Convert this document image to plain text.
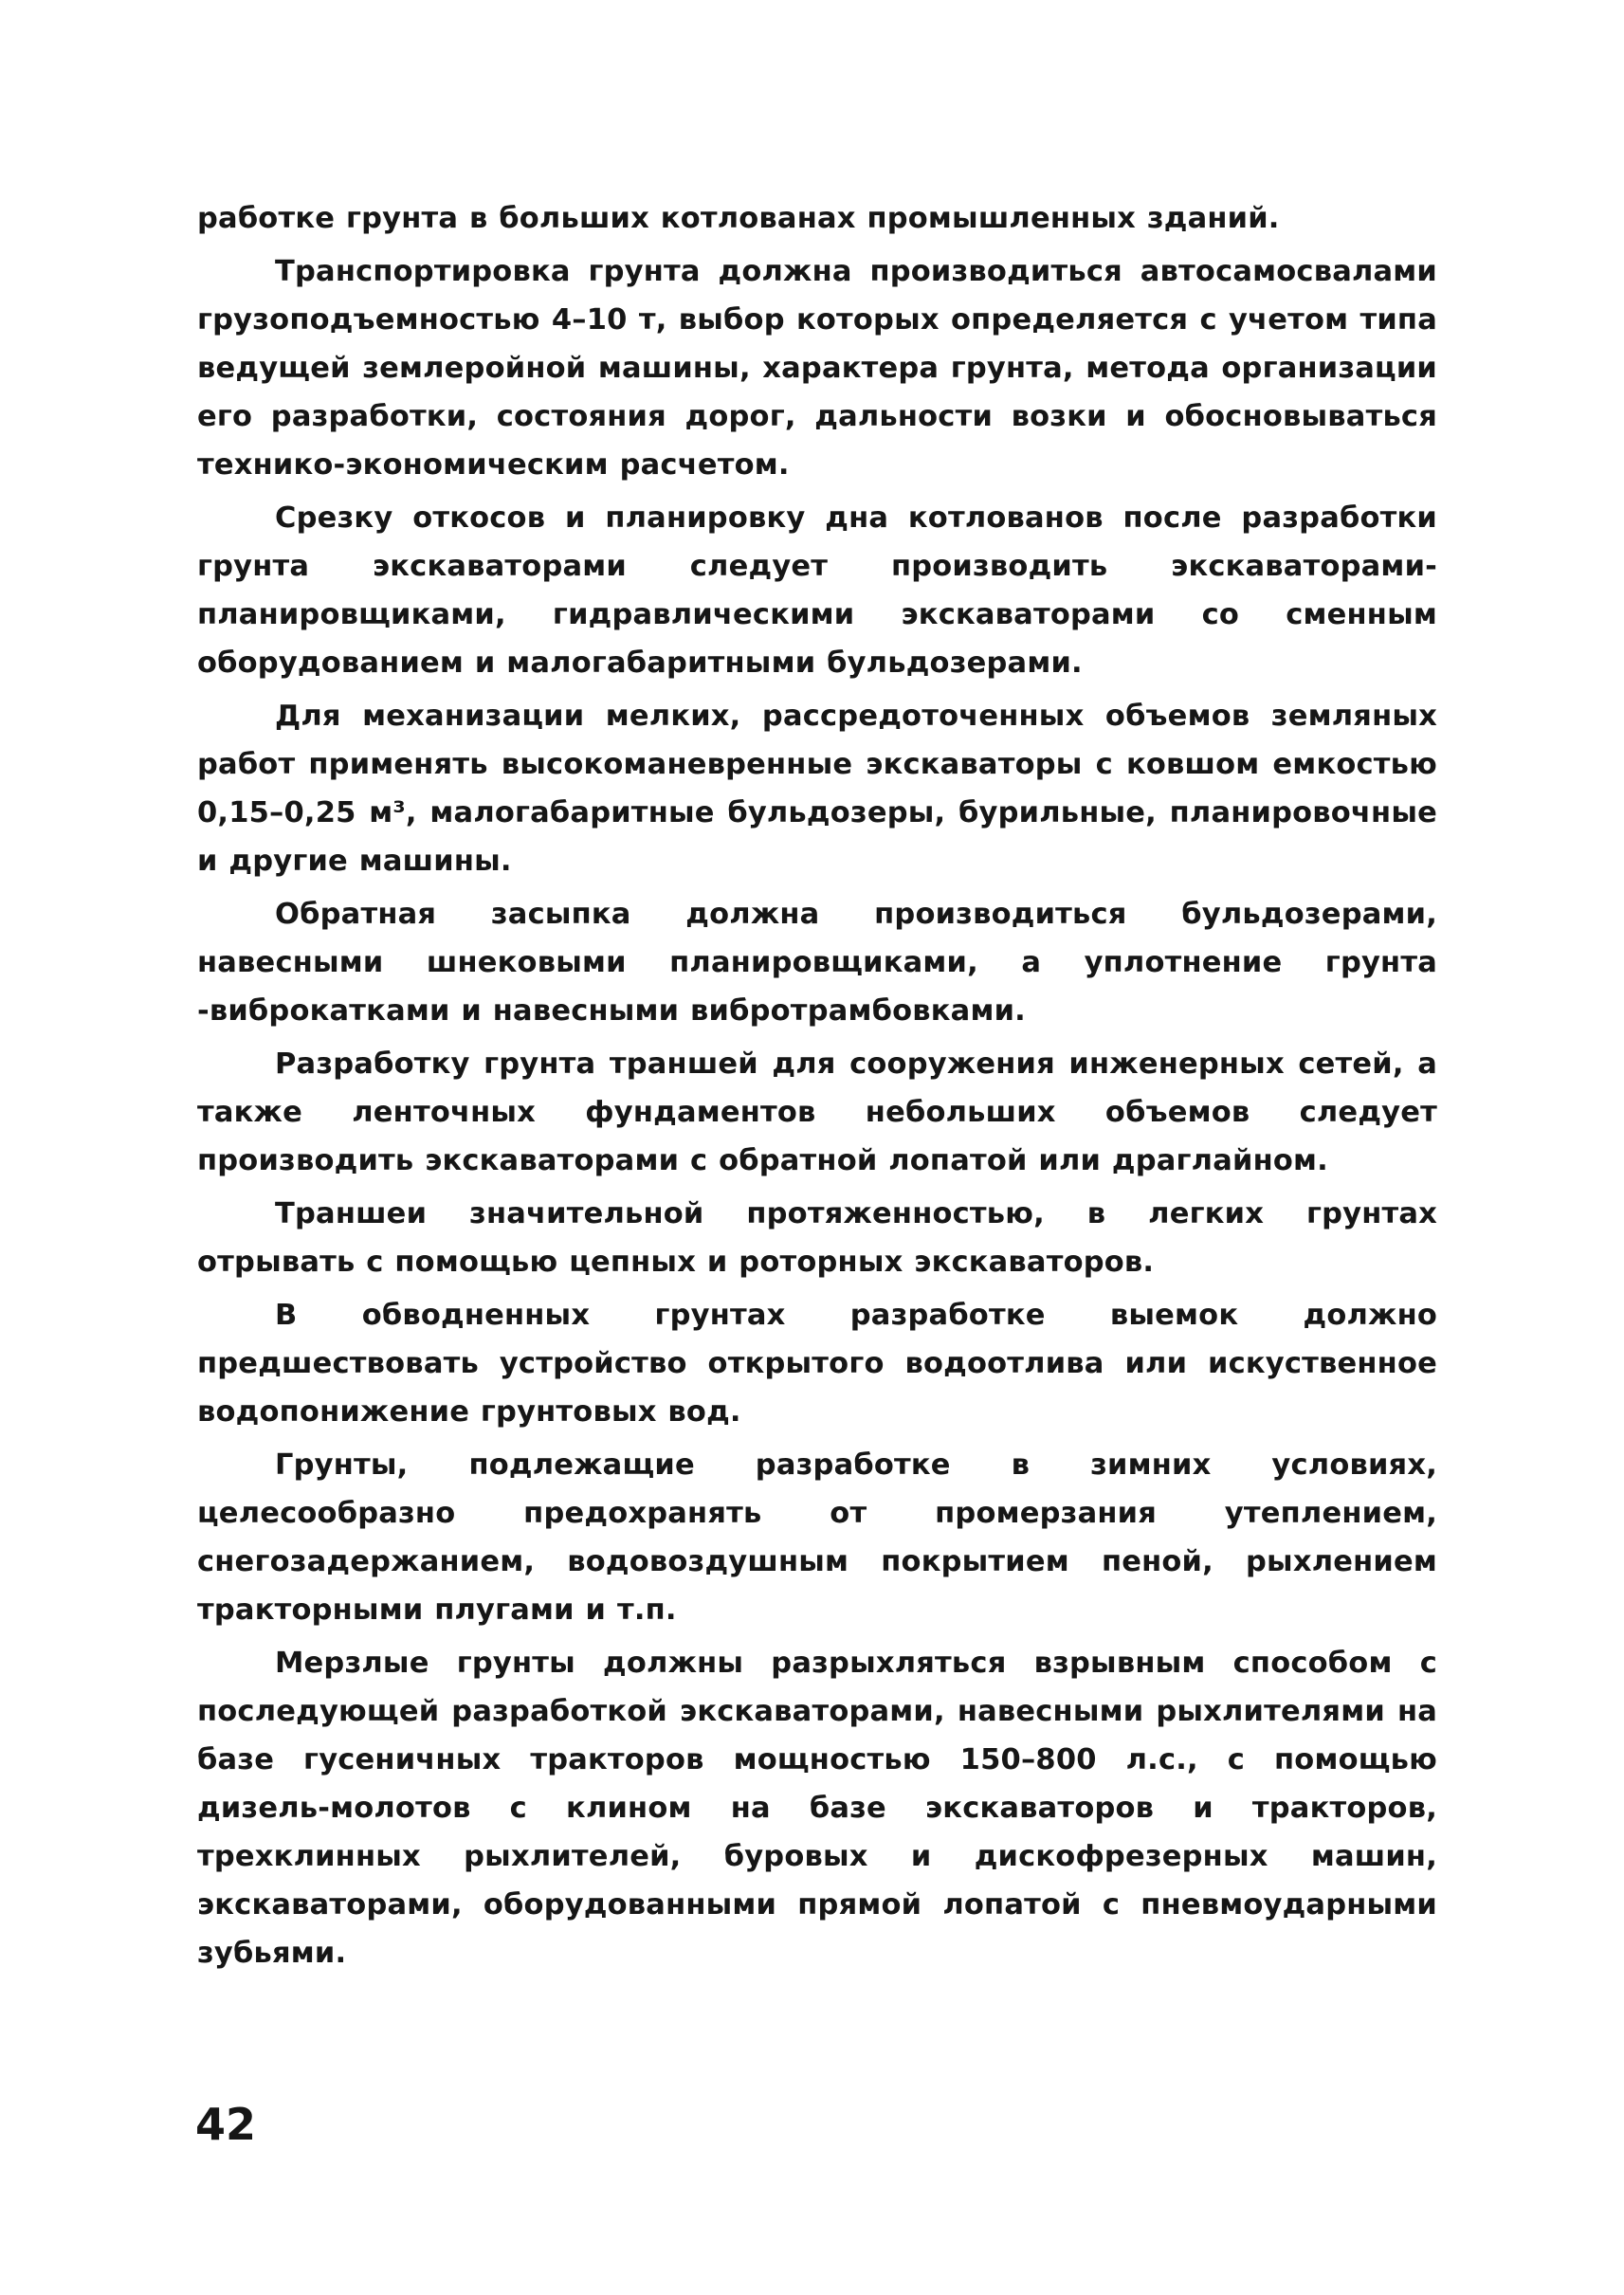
работке грунта в больших котлованах промышленных зданий.

Транспортировка грунта должна производиться автосамосвалами грузоподъемностью 4–10 т, выбор которых определяется с учетом типа ведущей землеройной машины, характера грунта, метода организации его разработки, состояния дорог, дальности возки и обосновываться технико-экономическим расчетом.

Срезку откосов и планировку дна котлованов после разработки грунта экскаваторами следует производить экскаваторами-планировщиками, гидравлическими экскаваторами со сменным оборудованием и малогабаритными бульдозерами.

Для механизации мелких, рассредоточенных объемов земляных работ применять высокоманевренные экскаваторы с ковшом емкостью 0,15–0,25 м³, малогабаритные бульдозеры, бурильные, планировочные и другие машины.

Обратная засыпка должна производиться бульдозерами, навесными шнековыми планировщиками, а уплотнение грунта -виброкатками и навесными вибротрамбовками.

Разработку грунта траншей для сооружения инженерных сетей, а также ленточных фундаментов небольших объемов следует производить экскаваторами с обратной лопатой или драглайном.

Траншеи значительной протяженностью, в легких грунтах отрывать с помощью цепных и роторных экскаваторов.

В обводненных грунтах разработке выемок должно предшествовать устройство открытого водоотлива или искуственное водопонижение грунтовых вод.

Грунты, подлежащие разработке в зимних условиях, целесообразно предохранять от промерзания утеплением, снегозадержанием, водовоздушным покрытием пеной, рыхлением тракторными плугами и т.п.

Мерзлые грунты должны разрыхляться взрывным способом с последующей разработкой экскаваторами, навесными рыхлителями на базе гусеничных тракторов мощностью 150–800 л.с., с помощью дизель-молотов с клином на базе экскаваторов и тракторов, трехклинных рыхлителей, буровых и дискофрезерных машин, экскаваторами, оборудованными прямой лопатой с пневмоударными зубьями.

42
